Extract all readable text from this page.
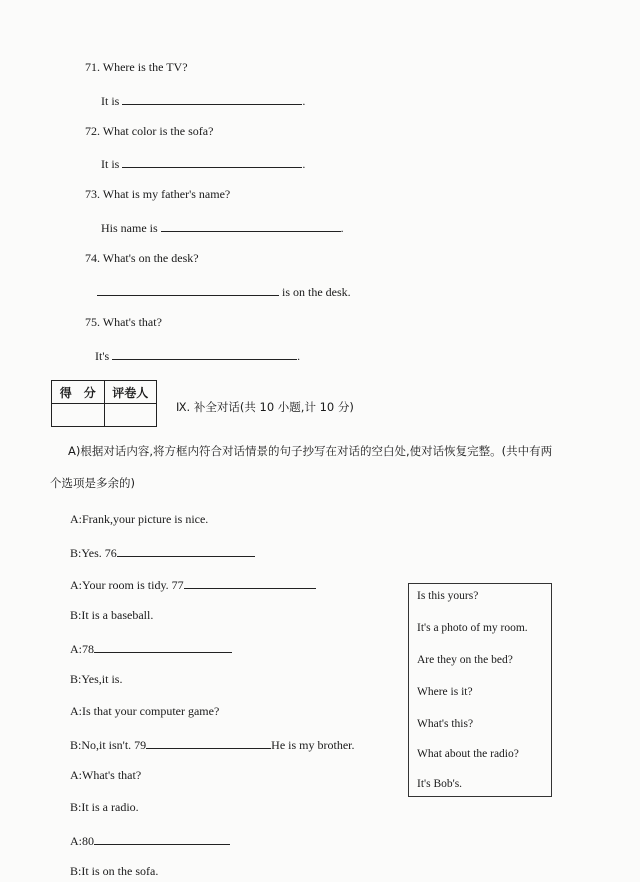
71. Where is the TV?
It is	.
72. What color is the sofa?
It is	.
73. What is my father's name?
His name is	.
74. What's on the desk?
is on the desk.
75. What's that?
It's	.
得　分	评卷人

Ⅸ. 补全对话(共 10 小题,计 10 分)
A)根据对话内容,将方框内符合对话情景的句子抄写在对话的空白处,使对话恢复完整。(共中有两
个选项是多余的)
A:Frank,your picture is nice.
B:Yes. 76
A:Your room is tidy. 77
B:It is a baseball.
A:78
B:Yes,it is.
A:Is that your computer game?
B:No,it isn't. 79	He is my brother.
A:What's that?
B:It is a radio.
A:80
B:It is on the sofa.
Is this yours?
It's a photo of my room.
Are they on the bed?
Where is it?
What's this?
What about the radio?
It's Bob's.
